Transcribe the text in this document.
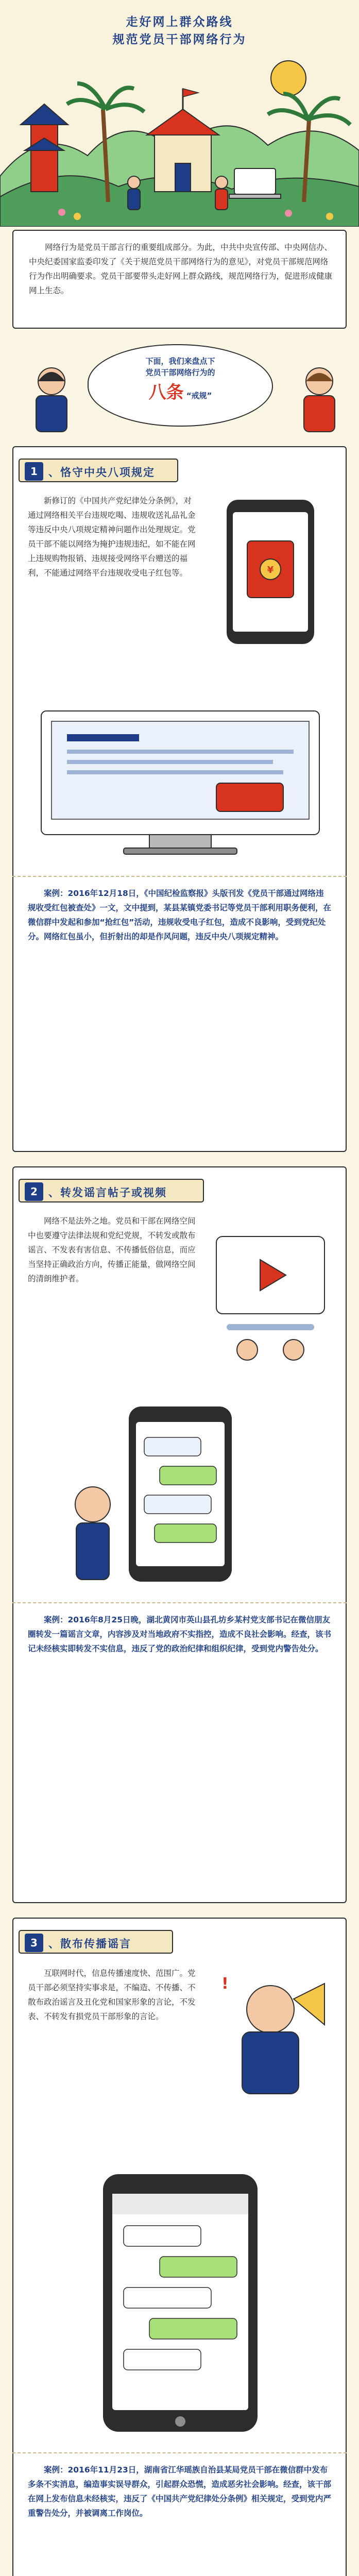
走好网上群众路线
规范党员干部网络行为
网络行为是党员干部言行的重要组成部分。为此，中共中央宣传部、中央网信办、中央纪委国家监委印发了《关于规范党员干部网络行为的意见》，对党员干部规范网络行为作出明确要求。党员干部要带头走好网上群众路线，规范网络行为，促进形成健康网上生态。
下面，我们来盘点下
党员干部网络行为的
八条 “戒规”
1	、恪守中央八项规定
新修订的《中国共产党纪律处分条例》，对通过网络相关平台违规吃喝、违规收送礼品礼金等违反中央八项规定精神问题作出处理规定。党员干部不能以网络为掩护违规违纪，如不能在网上违规购物报销、违规接受网络平台赠送的福利，不能通过网络平台违规收受电子红包等。	¥
案例：2016年12月18日，《中国纪检监察报》头版刊发《党员干部通过网络违规收受红包被查处》一文，文中提到，某县某镇党委书记等党员干部利用职务便利，在微信群中发起和参加“抢红包”活动，违规收受电子红包，造成不良影响，受到党纪处分。网络红包虽小，但折射出的却是作风问题，违反中央八项规定精神。
2	、转发谣言帖子或视频
网络不是法外之地。党员和干部在网络空间中也要遵守法律法规和党纪党规，不转发或散布谣言、不发表有害信息、不传播低俗信息，而应当坚持正确政治方向，传播正能量，做网络空间的清朗维护者。
案例：2016年8月25日晚，湖北黄冈市英山县孔坊乡某村党支部书记在微信朋友圈转发一篇谣言文章，内容涉及对当地政府不实指控，造成不良社会影响。经查，该书记未经核实即转发不实信息，违反了党的政治纪律和组织纪律，受到党内警告处分。
3	、散布传播谣言
互联网时代，信息传播速度快、范围广。党员干部必须坚持实事求是，不编造、不传播、不散布政治谣言及丑化党和国家形象的言论，不发表、不转发有损党员干部形象的言论。
!
案例：2016年11月23日，湖南省江华瑶族自治县某局党员干部在微信群中发布多条不实消息，编造事实误导群众，引起群众恐慌，造成恶劣社会影响。经查，该干部在网上发布信息未经核实，违反了《中国共产党纪律处分条例》相关规定，受到党内严重警告处分，并被调离工作岗位。
